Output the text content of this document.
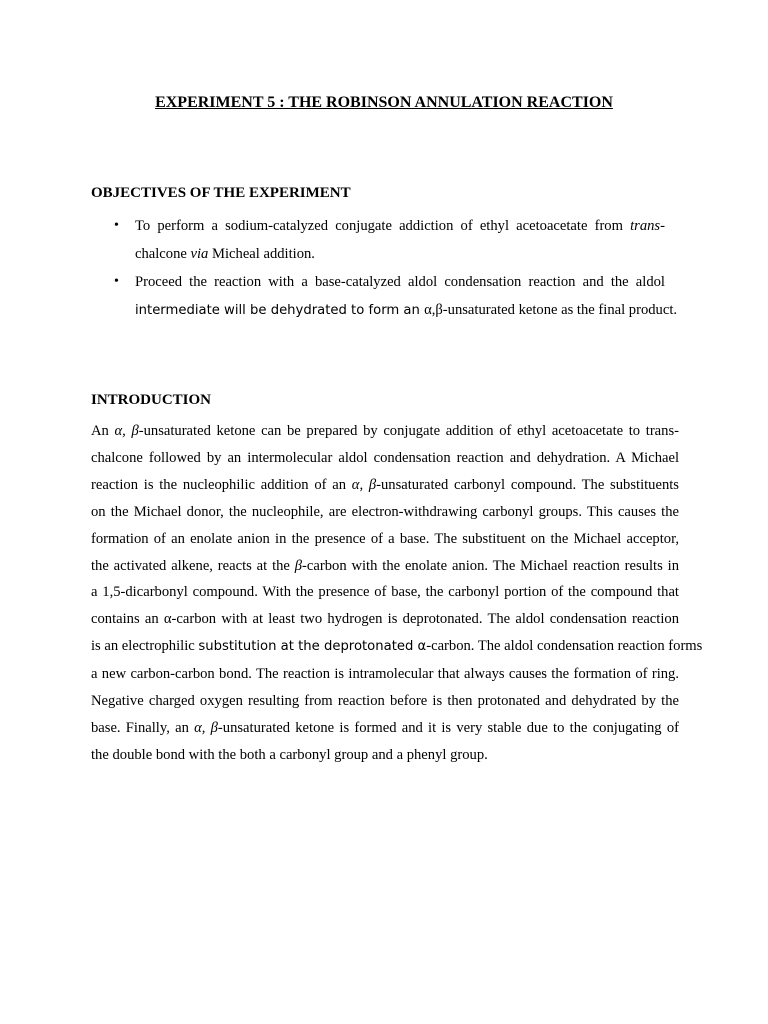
EXPERIMENT 5 : THE ROBINSON ANNULATION REACTION
OBJECTIVES OF THE EXPERIMENT
• To perform a sodium-catalyzed conjugate addiction of ethyl acetoacetate from trans-
chalcone via Micheal addition.
• Proceed the reaction with a base-catalyzed aldol condensation reaction and the aldol
intermediate will be dehydrated to form an α,β-unsaturated ketone as the final product.
INTRODUCTION

An α, β-unsaturated ketone can be prepared by conjugate addition of ethyl acetoacetate to trans-
chalcone followed by an intermolecular aldol condensation reaction and dehydration. A Michael
reaction is the nucleophilic addition of an α, β-unsaturated carbonyl compound. The substituents
on the Michael donor, the nucleophile, are electron-withdrawing carbonyl groups. This causes the
formation of an enolate anion in the presence of a base. The substituent on the Michael acceptor,
the activated alkene, reacts at the β-carbon with the enolate anion. The Michael reaction results in
a 1,5-dicarbonyl compound. With the presence of base, the carbonyl portion of the compound that
contains an α-carbon with at least two hydrogen is deprotonated. The aldol condensation reaction
is an electrophilic substitution at the deprotonated α-carbon. The aldol condensation reaction forms
a new carbon-carbon bond. The reaction is intramolecular that always causes the formation of ring.
Negative charged oxygen resulting from reaction before is then protonated and dehydrated by the
base. Finally, an α, β-unsaturated ketone is formed and it is very stable due to the conjugating of
the double bond with the both a carbonyl group and a phenyl group.
